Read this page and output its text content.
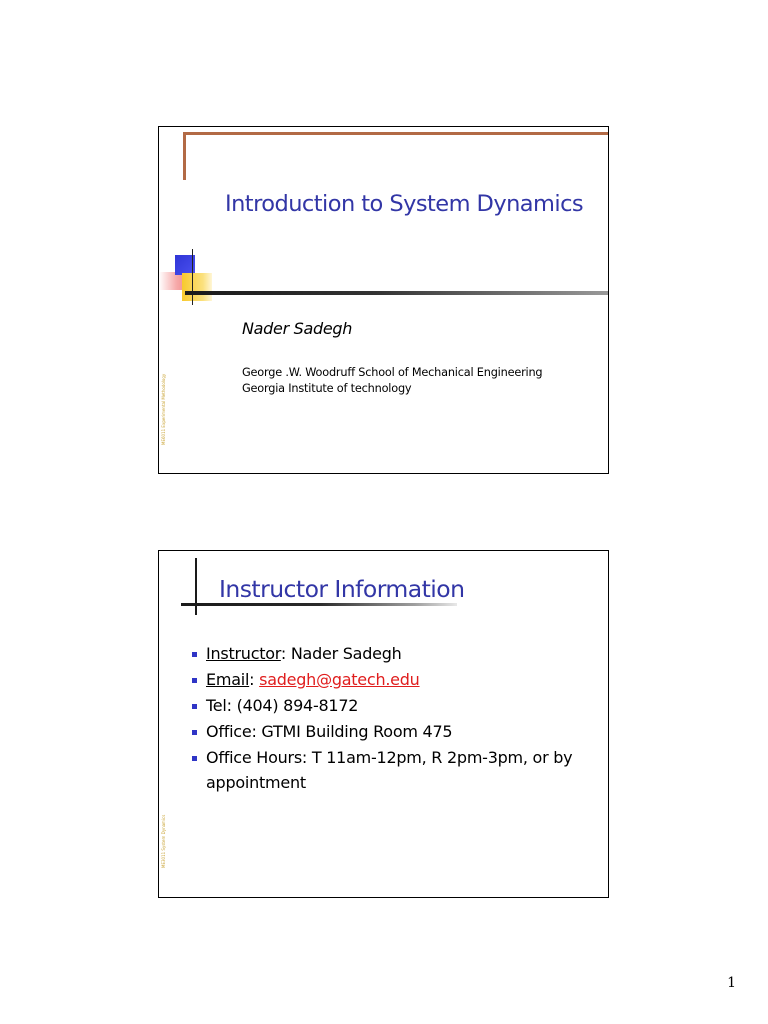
Introduction to System Dynamics
Nader Sadegh
George .W. Woodruff School of Mechanical Engineering
Georgia Institute of technology
ME6011 Experimental Methodology
Instructor Information
Instructor: Nader Sadegh
Email: sadegh@gatech.edu
Tel: (404) 894-8172
Office: GTMI Building Room 475
Office Hours: T 11am-12pm, R 2pm-3pm, or by
appointment
ME3011 System Dynamics
1
